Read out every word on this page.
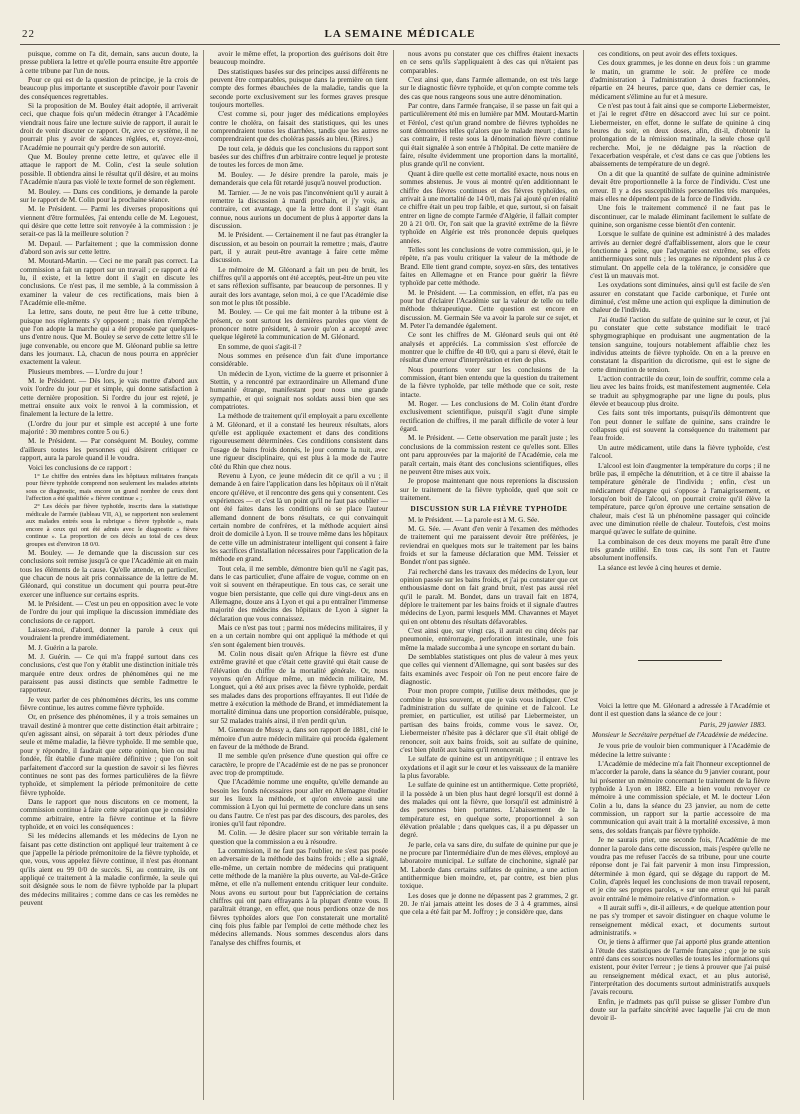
22	LA SEMAINE MÉDICALE

puisque, comme on l'a dit, demain, sans aucun doute, la presse publiera la lettre et qu'elle pourra ensuite être apportée à cette tribune par l'un de nous.

Pour ce qui est de la question de principe, je la crois de beaucoup plus importante et susceptible d'avoir pour l'avenir des conséquences regrettables.

Si la proposition de M. Bouley était adoptée, il arriverait ceci, que chaque fois qu'un médecin étranger à l'Académie viendrait nous faire une lecture suivie de rapport, il aurait le droit de venir discuter ce rapport. Or, avec ce système, il ne pourrait plus y avoir de séances réglées, et, croyez-moi, l'Académie ne pourrait qu'y perdre de son autorité.

Que M. Bouley prenne cette lettre, et qu'avec elle il attaque le rapport de M. Colin, c'est la seule solution possible. Il obtiendra ainsi le résultat qu'il désire, et au moins l'Académie n'aura pas violé le texte formel de son règlement.

M. Bouley. — Dans ces conditions, je demande la parole sur le rapport de M. Colin pour la prochaine séance.

M. le Président. — Parmi les diverses propositions qui viennent d'être formulées, j'ai entendu celle de M. Legouest, qui désire que cette lettre soit renvoyée à la commission : je serait-ce pas là la meilleure solution ?

M. Depaul. — Parfaitement ; que la commission donne d'abord son avis sur cette lettre.

M. Moutard-Martin. — Ceci ne me paraît pas correct. La commission a fait un rapport sur un travail ; ce rapport a été lu, il existe, et la lettre dont il s'agit en discute les conclusions. Ce n'est pas, il me semble, à la commission à examiner la valeur de ces rectifications, mais bien à l'Académie elle-même.

La lettre, sans doute, ne peut être lue à cette tribune, puisque nos règlements s'y opposent ; mais rien n'empêche que l'on adopte la marche qui a été proposée par quelques-uns d'entre nous. Que M. Bouley se serve de cette lettre s'il le juge convenable, ou encore que M. Gléonard publie sa lettre dans les journaux. Là, chacun de nous pourra en apprécier exactement la valeur.

Plusieurs membres. — L'ordre du jour !

M. le Président. — Dès lors, je vais mettre d'abord aux voix l'ordre du jour pur et simple, qui donne satisfaction à cette dernière proposition. Si l'ordre du jour est rejeté, je mettrai ensuite aux voix le renvoi à la commission, et finalement la lecture de la lettre.

(L'ordre du jour pur et simple est accepté à une forte majorité : 30 membres contre 5 ou 6.)

M. le Président. — Par conséquent M. Bouley, comme d'ailleurs toutes les personnes qui désirent critiquer ce rapport, aura la parole quand il le voudra.

Voici les conclusions de ce rapport :

1° Le chiffre des entrées dans les hôpitaux militaires français pour fièvre typhoïde comprend non seulement les malades atteints sous ce diagnostic, mais encore un grand nombre de ceux dont l'affection a été qualifiée « fièvre continue » ;

2° Les décès par fièvre typhoïde, inscrits dans la statistique médicale de l'armée (tableau VII, A), se rapportent non seulement aux malades entrés sous la rubrique « fièvre typhoïde », mais encore à ceux qui ont été admis avec le diagnostic « fièvre continue ». La proportion de ces décès au total de ces deux groupes est d'environ 18 0/0.

M. Bouley. — Je demande que la discussion sur ces conclusions soit remise jusqu'à ce que l'Académie ait en main tous les éléments de la cause. Qu'elle attende, en particulier, que chacun de nous ait pris connaissance de la lettre de M. Gléonard, qui constitue un document qui pourra peut-être exercer une influence sur certains esprits.

M. le Président. — C'est un peu en opposition avec le vote de l'ordre du jour qui implique la discussion immédiate des conclusions de ce rapport.

Laissez-moi, d'abord, donner la parole à ceux qui voudraient la prendre immédiatement.

M. J. Guérin a la parole.

M. J. Guérin. — Ce qui m'a frappé surtout dans ces conclusions, c'est que l'on y établit une distinction initiale très marquée entre deux ordres de phénomènes qui ne me paraissent pas aussi distincts que semble l'admettre le rapporteur.

Je veux parler de ces phénomènes décrits, les uns comme fièvre continue, les autres comme fièvre typhoïde.

Or, en présence des phénomènes, il y a trois semaines un travail destiné à montrer que cette distinction était arbitraire ; qu'en agissant ainsi, on séparait à tort deux périodes d'une seule et même maladie, la fièvre typhoïde. Il me semble que, pour y répondre, il faudrait que cette opinion, bien ou mal fondée, fût établie d'une manière définitive ; que l'on soit parfaitement d'accord sur la question de savoir si les fièvres continues ne sont pas des formes particulières de la fièvre typhoïde, et simplement la période prémonitoire de cette fièvre typhoïde.

Dans le rapport que nous discutons en ce moment, la commission continue à faire cette séparation que je considère comme arbitraire, entre la fièvre continue et la fièvre typhoïde, et en voici les conséquences :

Si les médecins allemands et les médecins de Lyon ne faisant pas cette distinction ont appliqué leur traitement à ce que j'appelle la période prémonitoire de la fièvre typhoïde, et que, vous, vous appelez fièvre continue, il n'est pas étonnant qu'ils aient eu 99 0/0 de succès. Si, au contraire, ils ont appliqué ce traitement à la maladie confirmée, la seule qui soit désignée sous le nom de fièvre typhoïde par la plupart des médecins militaires ; comme dans ce cas les remèdes ne peuvent

avoir le même effet, la proportion des guérisons doit être beaucoup moindre.

Des statistiques basées sur des principes aussi différents ne peuvent être comparables, puisque dans la première on tient compte des formes ébauchées de la maladie, tandis que la seconde porte exclusivement sur les formes graves presque toujours mortelles.

C'est comme si, pour juger des médications employées contre le choléra, on faisait des statistiques, qui les unes comprendraient toutes les diarrhées, tandis que les autres ne comprendraient que des choléras passés au bleu. (Rires.)

De tout cela, je déduis que les conclusions du rapport sont basées sur des chiffres d'un arbitraire contre lequel je proteste de toutes les forces de mon âme.

M. Bouley. — Je désire prendre la parole, mais je demanderais que cela fût retardé jusqu'à nouvel production.

M. Tarnier. — Je ne vois pas l'inconvénient qu'il y aurait à remettre la discussion à mardi prochain, et j'y vois, au contraire, cet avantage, que la lettre dont il s'agit étant connue, nous aurions un document de plus à apporter dans la discussion.

M. le Président. — Certainement il ne faut pas étrangler la discussion, et au besoin on pourrait la remettre ; mais, d'autre part, il y aurait peut-être avantage à faire cette même discussion.

Le mémoire de M. Gléonard a fait un peu de bruit, les chiffres qu'il a apportés ont été acceptés, peut-être un peu vite et sans réflexion suffisante, par beaucoup de personnes. Il y aurait des lors avantage, selon moi, à ce que l'Académie dise son mot le plus tôt possible.

M. Bouley. — Ce qui me fait monter à la tribune est à présent, ce sont surtout les dernières paroles que vient de prononcer notre président, à savoir qu'on a accepté avec quelque légèreté la communication de M. Gléonard.

En somme, de quoi s'agit-il ?

Nous sommes en présence d'un fait d'une importance considérable.

Un médecin de Lyon, victime de la guerre et prisonnier à Stettin, y a rencontré par extraordinaire un Allemand d'une humanité étrange, manifestant pour nous une grande sympathie, et qui soignait nos soldats aussi bien que ses compatriotes.

La méthode de traitement qu'il employait a paru excellente à M. Gléonard, et il a constaté les heureux résultats, alors qu'elle est appliquée exactement et dans des conditions rigoureusement déterminées. Ces conditions consistent dans l'usage de bains froids donnés, le jour comme la nuit, avec une rigueur disciplinaire, qui est plus à la mode de l'autre côté du Rhin que chez nous.

Revenu à Lyon, ce jeune médecin dit ce qu'il a vu ; il demande à en faire l'application dans les hôpitaux où il n'était encore qu'élève, et il rencontre des gens qui y consentent. Ces expériences — et c'est là un point qu'il ne faut pas oublier — ont été faites dans les conditions où se place l'auteur allemand donnent de bons résultats, ce qui convainquit certain nombre de confrères, et la méthode acquiert ainsi droit de domicile à Lyon. Il se trouve même dans les hôpitaux de cette ville un administrateur intelligent qui consent à faire les sacrifices d'installation nécessaires pour l'application de la méthode en grand.

Tout cela, il me semble, démontre bien qu'il ne s'agit pas, dans le cas particulier, d'une affaire de vogue, comme on en voit si souvent en thérapeutique. En tous cas, ce serait une vogue bien persistante, que celle qui dure vingt-deux ans en Allemagne, douze ans à Lyon et qui a pu entraîner l'immense majorité des médecins des hôpitaux de Lyon à signer la déclaration que vous connaissez.

Mais ce n'est pas tout ; parmi nos médecins militaires, il y en a un certain nombre qui ont appliqué la méthode et qui s'en sont également bien trouvés.

M. Colin nous disait qu'en Afrique la fièvre est d'une extrême gravité et que c'était cette gravité qui était cause de l'élévation du chiffre de la mortalité générale. Or, nous voyons qu'en Afrique même, un médecin militaire, M. Longuet, qui a été aux prises avec la fièvre typhoïde, perdait ses malades dans des proportions effrayantes. Il eut l'idée de mettre à exécution la méthode de Brand, et immédiatement la mortalité diminua dans une proportion considérable, puisque, sur 52 malades traités ainsi, il n'en perdit qu'un.

M. Gueneau de Mussy a, dans son rapport de 1881, cité le mémoire d'un autre médecin militaire qui procéda également en faveur de la méthode de Brand.

Il me semble qu'en présence d'une question qui offre ce caractère, le propre de l'Académie est de ne pas se prononcer avec trop de promptitude.

Que l'Académie nomme une enquête, qu'elle demande au besoin les fonds nécessaires pour aller en Allemagne étudier sur les lieux la méthode, et qu'on envoie aussi une commission à Lyon qui lui permette de conclure dans un sens ou dans l'autre. Ce n'est pas par des discours, des paroles, des ironies qu'il faut répondre.

M. Colin. — Je désire placer sur son véritable terrain la question que la commission a eu à résoudre.

La commission, il ne faut pas l'oublier, ne s'est pas posée en adversaire de la méthode des bains froids ; elle a signalé, elle-même, un certain nombre de médecins qui pratiquent cette méthode de la manière la plus ouverte, au Val-de-Grâce même, et elle n'a nullement entendu critiquer leur conduite. Nous avons eu surtout pour but l'appréciation de certains chiffres qui ont paru effrayants à la plupart d'entre vous. Il paraîtrait étrange, en effet, que nous perdions onze de nos fièvres typhoïdes alors que l'on constaterait une mortalité cinq fois plus faible par l'emploi de cette méthode chez les médecins allemands. Nous sommes descendus alors dans l'analyse des chiffres fournis, et

nous avons pu constater que ces chiffres étaient inexacts en ce sens qu'ils s'appliquaient à des cas qui n'étaient pas comparables.

C'est ainsi que, dans l'armée allemande, on est très large sur le diagnostic fièvre typhoïde, et qu'on compte comme tels des cas que nous rangeons sous une autre dénomination.

Par contre, dans l'armée française, il se passe un fait qui a particulièrement été mis en lumière par MM. Moutard-Martin et Féréol, c'est qu'un grand nombre de fièvres typhoïdes ne sont démontrées telles qu'alors que le malade meurt ; dans le cas contraire, il reste sous la dénomination fièvre continue qui était signalée à son entrée à l'hôpital. De cette manière de faire, résulte évidemment une proportion dans la mortalité, plus grande qu'il ne convient.

Quant à dire quelle est cette mortalité exacte, nous nous en sommes abstenus. Je vous ai montré qu'en additionnant le chiffre des fièvres continues et des fièvres typhoïdes, on arrivait à une mortalité de 14 0/0, mais j'ai ajouté qu'en réalité ce chiffre était un peu trop faible, et que, surtout, si on faisait entrer en ligne de compte l'armée d'Algérie, il fallait compter 20 à 21 0/0. Or, l'on sait que la gravité extrême de la fièvre typhoïde en Algérie est très prononcée depuis quelques années.

Telles sont les conclusions de votre commission, qui, je le répète, n'a pas voulu critiquer la valeur de la méthode de Brand. Elle tient grand compte, soyez-en sûrs, des tentatives faites en Allemagne et en France pour guérir la fièvre typhoïde par cette méthode.

M. le Président. — La commission, en effet, n'a pas eu pour but d'éclairer l'Académie sur la valeur de telle ou telle méthode thérapeutique. Cette question est encore en discussion. M. Germain Sée va avoir la parole sur ce sujet, et M. Peter l'a demandée également.

Ce sont les chiffres de M. Gléonard seuls qui ont été analysés et appréciés. La commission s'est efforcée de montrer que le chiffre de 40 0/0, qui a paru si élevé, était le résultat d'une erreur d'interprétation et rien de plus.

Nous pourrions voter sur les conclusions de la commission, étant bien entendu que la question du traitement de la fièvre typhoïde, par telle méthode que ce soit, reste intacte.

M. Roger. — Les conclusions de M. Colin étant d'ordre exclusivement scientifique, puisqu'il s'agit d'une simple rectification de chiffres, il me paraît difficile de voter à leur égard.

M. le Président. — Cette observation me paraît juste ; les conclusions de la commission restent ce qu'elles sont. Elles ont paru approuvées par la majorité de l'Académie, cela me paraît certain, mais étant des conclusions scientifiques, elles ne peuvent être mises aux voix.

Je propose maintenant que nous reprenions la discussion sur le traitement de la fièvre typhoïde, quel que soit ce traitement.

DISCUSSION SUR LA FIÈVRE TYPHOÏDE

M. le Président. — La parole est à M. G. Sée.

M. G. Sée. — Avant d'en venir à l'examen des méthodes de traitement qui me paraissent devoir être préférées, je reviendrai en quelques mots sur le traitement par les bains froids et sur la fameuse déclaration que MM. Teissier et Bondet n'ont pas signée.

J'ai recherché dans les travaux des médecins de Lyon, leur opinion passée sur les bains froids, et j'ai pu constater que cet enthousiasme dont on fait grand bruit, n'est pas aussi réel qu'il le paraît. M. Bondet, dans un travail fait en 1874, déplore le traitement par les bains froids et il signale d'autres médecins de Lyon, parmi lesquels MM. Chavannes et Mayet qui en ont obtenu des résultats défavorables.

C'est ainsi que, sur vingt cas, il aurait eu cinq décès par pneumonie, entérorragie, perforation intestinale, une fois même la malade succomba à une syncope en sortant du bain.

De semblables statistiques ont plus de valeur à mes yeux que celles qui viennent d'Allemagne, qui sont basées sur des faits examinés avec l'espoir où l'on ne peut encore faire de diagnostic.

Pour mon propre compte, j'utilise deux méthodes, que je combine le plus souvent, et que je vais vous indiquer. C'est l'administration du sulfate de quinine et de l'alcool. Le premier, en particulier, est utilisé par Liebermeister, un partisan des bains froids, comme vous le savez. Or, Liebermeister n'hésite pas à déclarer que s'il était obligé de renoncer, soit aux bains froids, soit au sulfate de quinine, c'est bien plutôt aux bains qu'il renoncerait.

Le sulfate de quinine est un antipyrétique ; il entrave les oxydations et il agit sur le cœur et les vaisseaux de la manière la plus favorable.

Le sulfate de quinine est un antithermique. Cette propriété, il la possède à un bien plus haut degré lorsqu'il est donné à des malades qui ont la fièvre, que lorsqu'il est administré à des personnes bien portantes. L'abaissement de la température est, en quelque sorte, proportionnel à son élévation préalable ; dans quelques cas, il a pu dépasser un degré.

Je parle, cela va sans dire, du sulfate de quinine pur que je ne procure par l'intermédiaire d'un de mes élèves, employé au laboratoire municipal. Le sulfate de cinchonine, signalé par M. Laborde dans certains sulfates de quinine, a une action antithermique bien moindre, et, par contre, est bien plus toxique.

Les doses que je donne ne dépassent pas 2 grammes, 2 gr. 20. Je n'ai jamais atteint les doses de 3 à 4 grammes, ainsi que cela a été fait par M. Joffroy ; je considère que, dans

ces conditions, on peut avoir des effets toxiques.

Ces doux grammes, je les donne en deux fois : un gramme le matin, un gramme le soir. Je préfère ce mode d'administration à l'administration à doses fractionnées, répartie en 24 heures, parce que, dans ce dernier cas, le médicament s'élimine au fur et à mesure.

Ce n'est pas tout à fait ainsi que se comporte Liebermeister, et j'ai le regret d'être en désaccord avec lui sur ce point. Liebermeister, en effet, donne le sulfate de quinine à cinq heures du soir, en deux doses, afin, dit-il, d'obtenir la prolongation de la rémission matinale, la seule chose qu'il recherche. Moi, je ne dédaigne pas la réaction de l'exacerbation vespérale, et c'est dans ce cas que j'obtiens les abaissements de température de un degré.

On a dit que la quantité de sulfate de quinine administrée devait être proportionnelle à la force de l'individu. C'est une erreur. Il y a des susceptibilités personnelles très marquées, mais elles ne dépendent pas de la force de l'individu.

Une fois le traitement commencé il ne faut pas le discontinuer, car le malade éliminant facilement le sulfate de quinine, son organisme cesse bientôt d'en contenir.

Lorsque le sulfate de quinine est administré à des malades arrivés au dernier degré d'affaiblissement, alors que le cœur fonctionne à peine, que l'adynamie est extrême, ses effets antithermiques sont nuls ; les organes ne répondent plus à ce stimulant. On appelle cela de la tolérance, je considère que c'est là un mauvais mot.

Les oxydations sont diminuées, ainsi qu'il est facile de s'en assurer en constatant que l'acide carbonique, et l'urée ont diminué, c'est même une action qui explique la diminution de chaleur de l'individu.

J'ai étudié l'action du sulfate de quinine sur le cœur, et j'ai pu constater que cette substance modifiait le tracé sphygmographique en produisant une augmentation de la tension sanguine, toujours notablement affaiblie chez les individus atteints de fièvre typhoïde. On en a la preuve en constatant la disparition du dicrotisme, qui est le signe de cette diminution de tension.

L'action contractile du cœur, loin de souffrir, comme cela a lieu avec les bains froids, est manifestement augmentée. Cela se traduit au sphygmographe par une ligne du pouls, plus élevée et beaucoup plus droite.

Ces faits sont très importants, puisqu'ils démontrent que l'on peut donner le sulfate de quinine, sans craindre le collapsus qui est souvent la conséquence du traitement par l'eau froide.

Un autre médicament, utile dans la fièvre typhoïde, c'est l'alcool.

L'alcool est loin d'augmenter la température du corps ; il ne brûle pas, il empêche la dénutrition, et à ce titre il abaisse la température générale de l'individu ; enfin, c'est un médicament d'épargne qui s'oppose à l'amaigrissement, et lorsqu'on boit de l'alcool, on pourrait croire qu'il élève la température, parce qu'on éprouve une certaine sensation de chaleur, mais c'est là un phénomène passager qui coïncide avec une diminution réelle de chaleur. Toutefois, c'est moins marqué qu'avec le sulfate de quinine.

La combinaison de ces deux moyens me paraît être d'une très grande utilité. En tous cas, ils sont l'un et l'autre absolument inoffensifs.

La séance est levée à cinq heures et demie.

Voici la lettre que M. Gléonard a adressée à l'Académie et dont il est question dans la séance de ce jour :

Paris, 29 janvier 1883.

Monsieur le Secrétaire perpétuel de l'Académie de médecine.

Je vous prie de vouloir bien communiquer à l'Académie de médecine la lettre suivante :

L'Académie de médecine m'a fait l'honneur exceptionnel de m'accorder la parole, dans la séance du 9 janvier courant, pour lui présenter un mémoire concernant le traitement de la fièvre typhoïde à Lyon en 1882. Elle a bien voulu renvoyer ce mémoire à une commission spéciale, et M. le docteur Léon Colin a lu, dans la séance du 23 janvier, au nom de cette commission, un rapport sur la partie accessoire de ma communication qui avait trait à la mortalité excessive, à mon sens, des soldats français par fièvre typhoïde.

Je ne saurais prier, une seconde fois, l'Académie de me donner la parole dans cette discussion, mais j'espère qu'elle ne voudra pas me refuser l'accès de sa tribune, pour une courte réponse dont je l'ai fait parvenir à mon insu l'impression, déterminée à mon égard, qui se dégage du rapport de M. Colin, d'après lequel les conclusions de mon travail reposent, et je cite ses propres paroles, « sur une erreur qui lui paraît avoir entraîné le mémoire relative d'information. »

« Il aurait suffi », dit-il ailleurs, « de quelque attention pour ne pas s'y tromper et savoir distinguer en chaque volume le renseignement médical exact, et documents surtout administratifs. »

Or, je tiens à affirmer que j'ai apporté plus grande attention à l'étude des statistiques de l'armée française ; que je ne suis entré dans ces sources nouvelles de toutes les informations qui existent, pour éviter l'erreur ; je tiens à prouver que j'ai puisé au renseignement médical exact, et au plus autorisé, l'interprétation des documents surtout administratifs auxquels j'avais recouru.

Enfin, je n'admets pas qu'il puisse se glisser l'ombre d'un doute sur la parfaite sincérité avec laquelle j'ai cru de mon devoir il-
